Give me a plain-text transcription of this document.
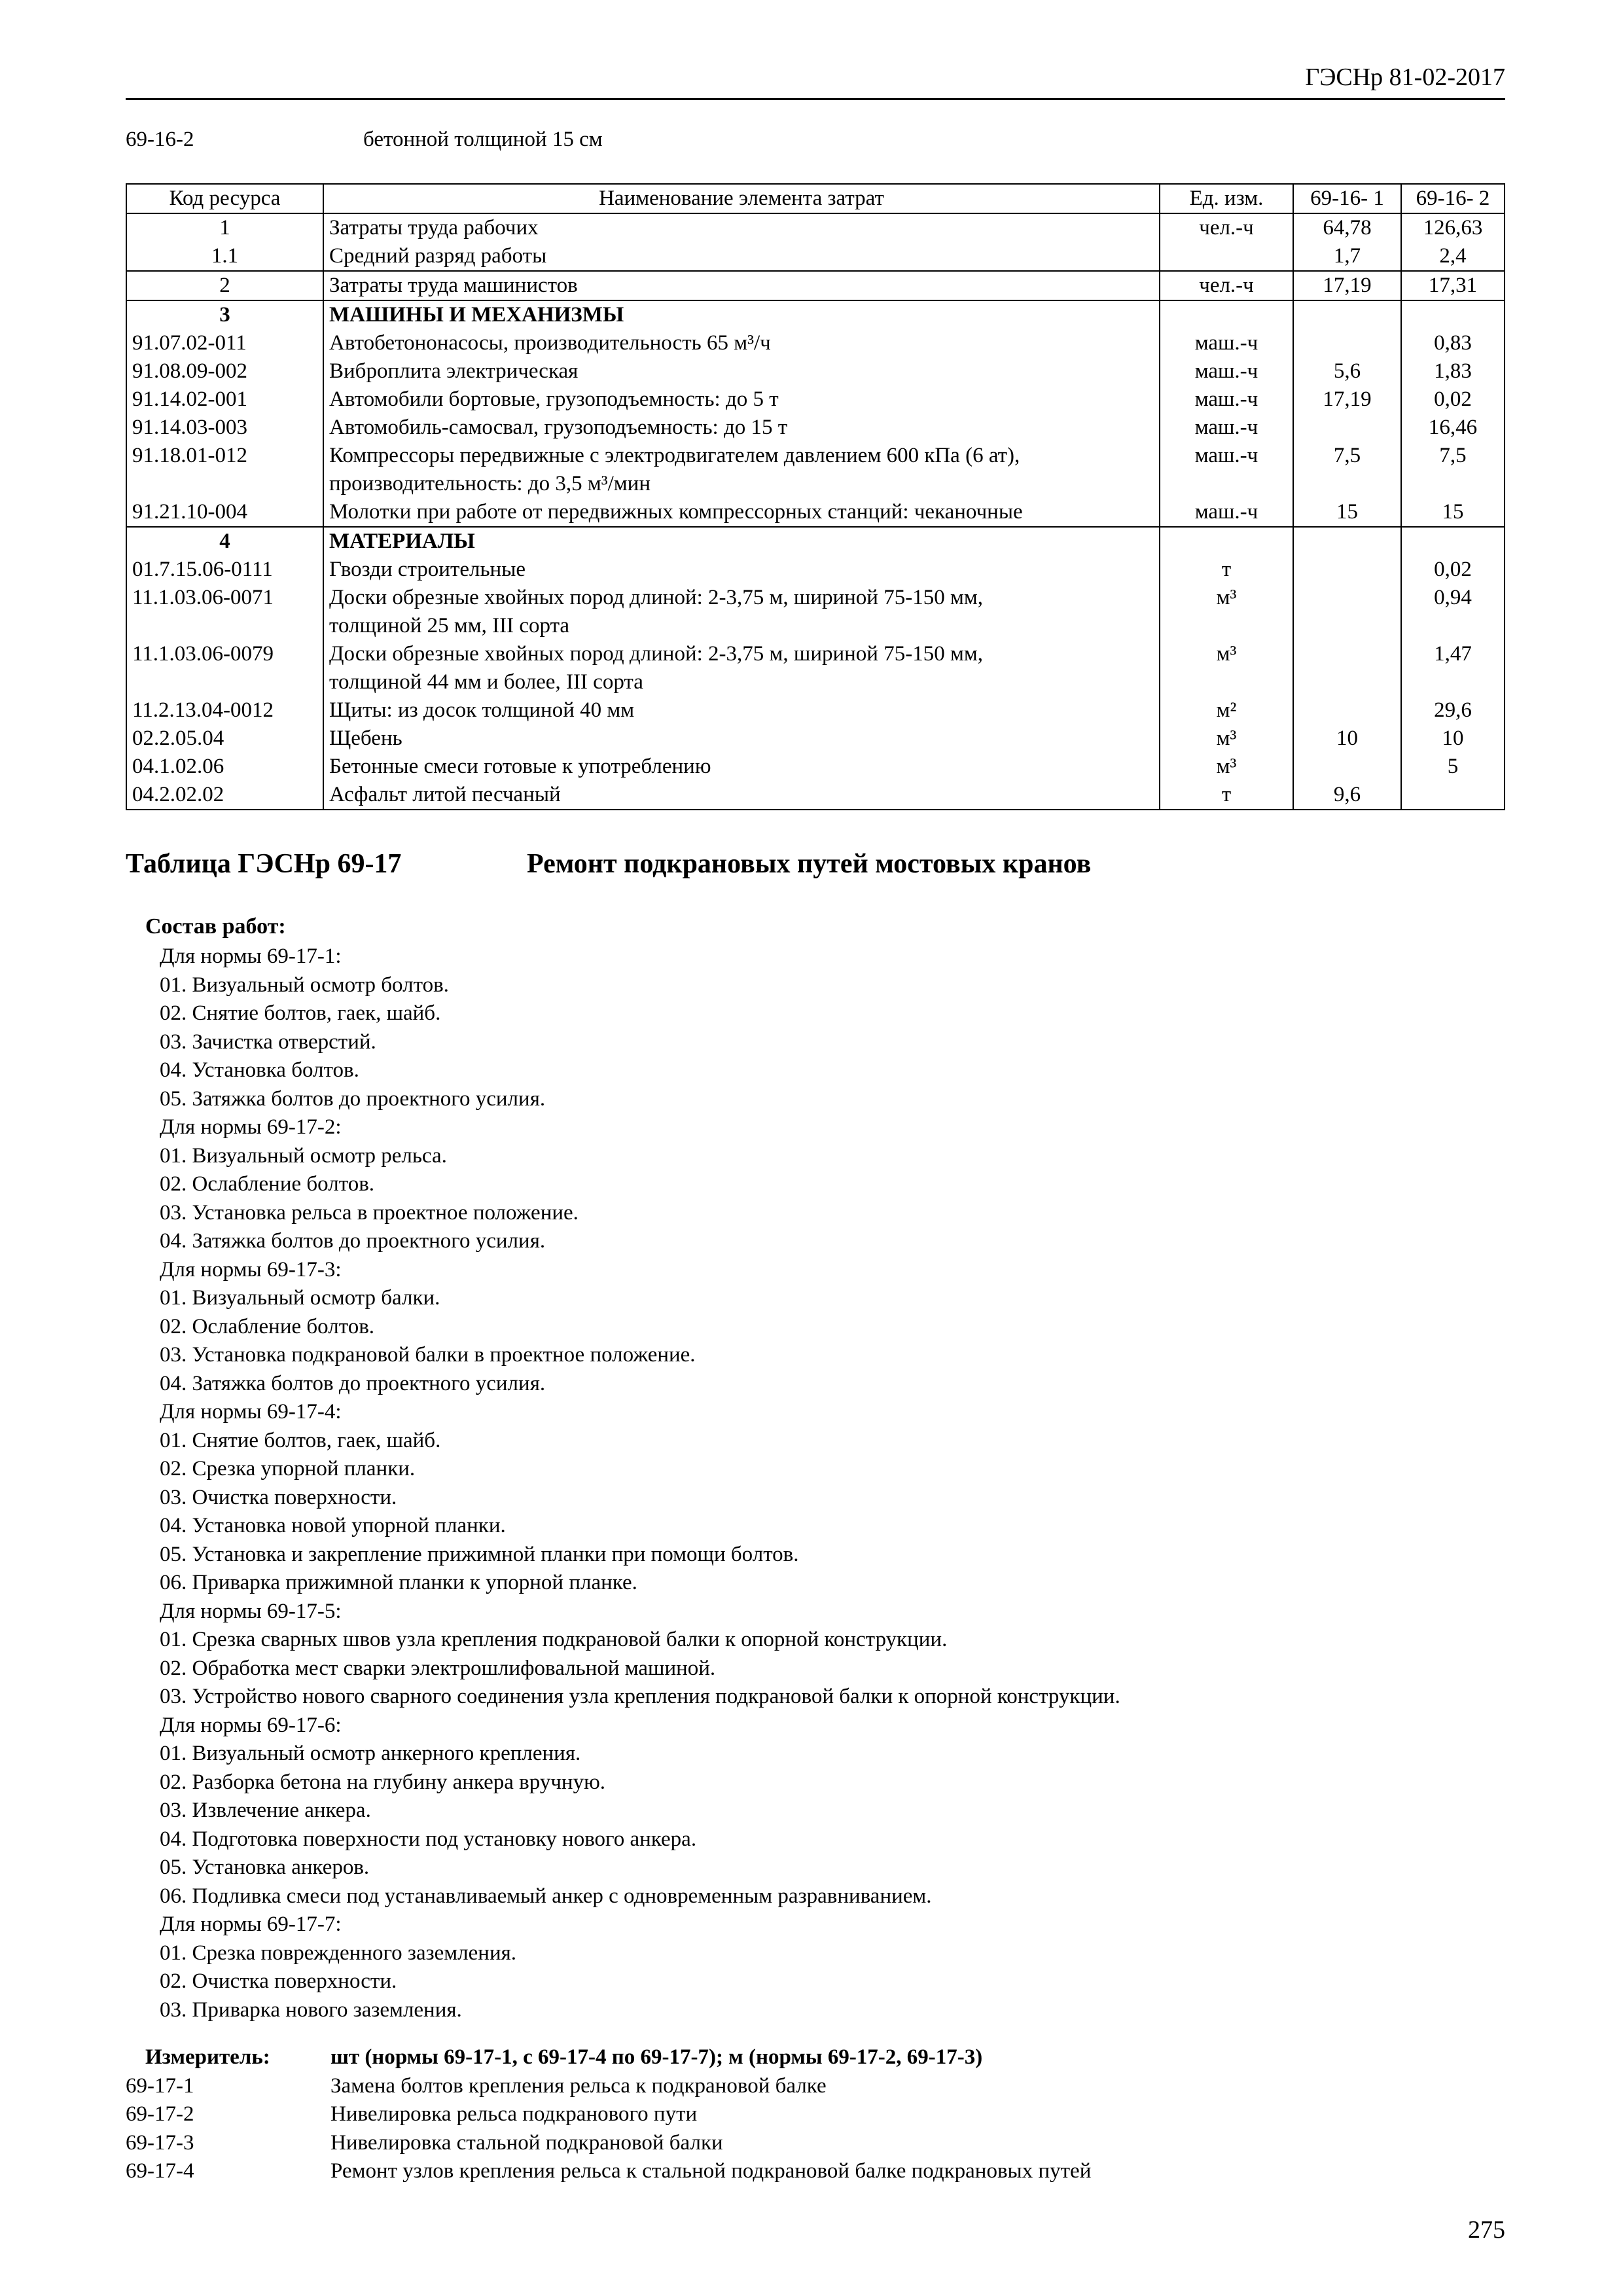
ГЭСНр 81-02-2017
69-16-2	бетонной толщиной 15 см
Код ресурса	Наименование элемента затрат	Ед. изм.	69-16- 1	69-16- 2
1	Затраты труда рабочих	чел.-ч	64,78	126,63
1.1	Средний разряд работы		1,7	2,4
2	Затраты труда машинистов	чел.-ч	17,19	17,31
3	МАШИНЫ И МЕХАНИЗМЫ			
91.07.02-011	Автобетононасосы, производительность 65 м³/ч	маш.-ч		0,83
91.08.09-002	Виброплита электрическая	маш.-ч	5,6	1,83
91.14.02-001	Автомобили бортовые, грузоподъемность: до 5 т	маш.-ч	17,19	0,02
91.14.03-003	Автомобиль-самосвал, грузоподъемность: до 15 т	маш.-ч		16,46
91.18.01-012	Компрессоры передвижные с электродвигателем давлением 600 кПа (6 ат),	маш.-ч	7,5	7,5
	производительность: до 3,5 м³/мин			
91.21.10-004	Молотки при работе от передвижных компрессорных станций: чеканочные	маш.-ч	15	15
4	МАТЕРИАЛЫ			
01.7.15.06-0111	Гвозди строительные	т		0,02
11.1.03.06-0071	Доски обрезные хвойных пород длиной: 2-3,75 м, шириной 75-150 мм,	м³		0,94
	толщиной 25 мм, III сорта			
11.1.03.06-0079	Доски обрезные хвойных пород длиной: 2-3,75 м, шириной 75-150 мм,	м³		1,47
	толщиной 44 мм и более, III сорта			
11.2.13.04-0012	Щиты: из досок толщиной 40 мм	м²		29,6
02.2.05.04	Щебень	м³	10	10
04.1.02.06	Бетонные смеси готовые к употреблению	м³		5
04.2.02.02	Асфальт литой песчаный	т	9,6	
Таблица ГЭСНр 69-17	Ремонт подкрановых путей мостовых кранов
Состав работ:
Для нормы 69-17-1:
01. Визуальный осмотр болтов.
02. Снятие болтов, гаек, шайб.
03. Зачистка отверстий.
04. Установка болтов.
05. Затяжка болтов до проектного усилия.
Для нормы 69-17-2:
01. Визуальный осмотр рельса.
02. Ослабление болтов.
03. Установка рельса в проектное положение.
04. Затяжка болтов до проектного усилия.
Для нормы 69-17-3:
01. Визуальный осмотр балки.
02. Ослабление болтов.
03. Установка подкрановой балки в проектное положение.
04. Затяжка болтов до проектного усилия.
Для нормы 69-17-4:
01. Снятие болтов, гаек, шайб.
02. Срезка упорной планки.
03. Очистка поверхности.
04. Установка новой упорной планки.
05. Установка и закрепление прижимной планки при помощи болтов.
06. Приварка прижимной планки к упорной планке.
Для нормы 69-17-5:
01. Срезка сварных швов узла крепления подкрановой балки к опорной конструкции.
02. Обработка мест сварки электрошлифовальной машиной.
03. Устройство нового сварного соединения узла крепления подкрановой балки к опорной конструкции.
Для нормы 69-17-6:
01. Визуальный осмотр анкерного крепления.
02. Разборка бетона на глубину анкера вручную.
03. Извлечение анкера.
04. Подготовка поверхности под установку нового анкера.
05. Установка анкеров.
06. Подливка смеси под устанавливаемый анкер с одновременным разравниванием.
Для нормы 69-17-7:
01. Срезка поврежденного заземления.
02. Очистка поверхности.
03. Приварка нового заземления.
Измеритель:	шт (нормы 69-17-1, с 69-17-4 по 69-17-7); м (нормы 69-17-2, 69-17-3)
69-17-1	Замена болтов крепления рельса к подкрановой балке
69-17-2	Нивелировка рельса подкранового пути
69-17-3	Нивелировка стальной подкрановой балки
69-17-4	Ремонт узлов крепления рельса к стальной подкрановой балке подкрановых путей
275
